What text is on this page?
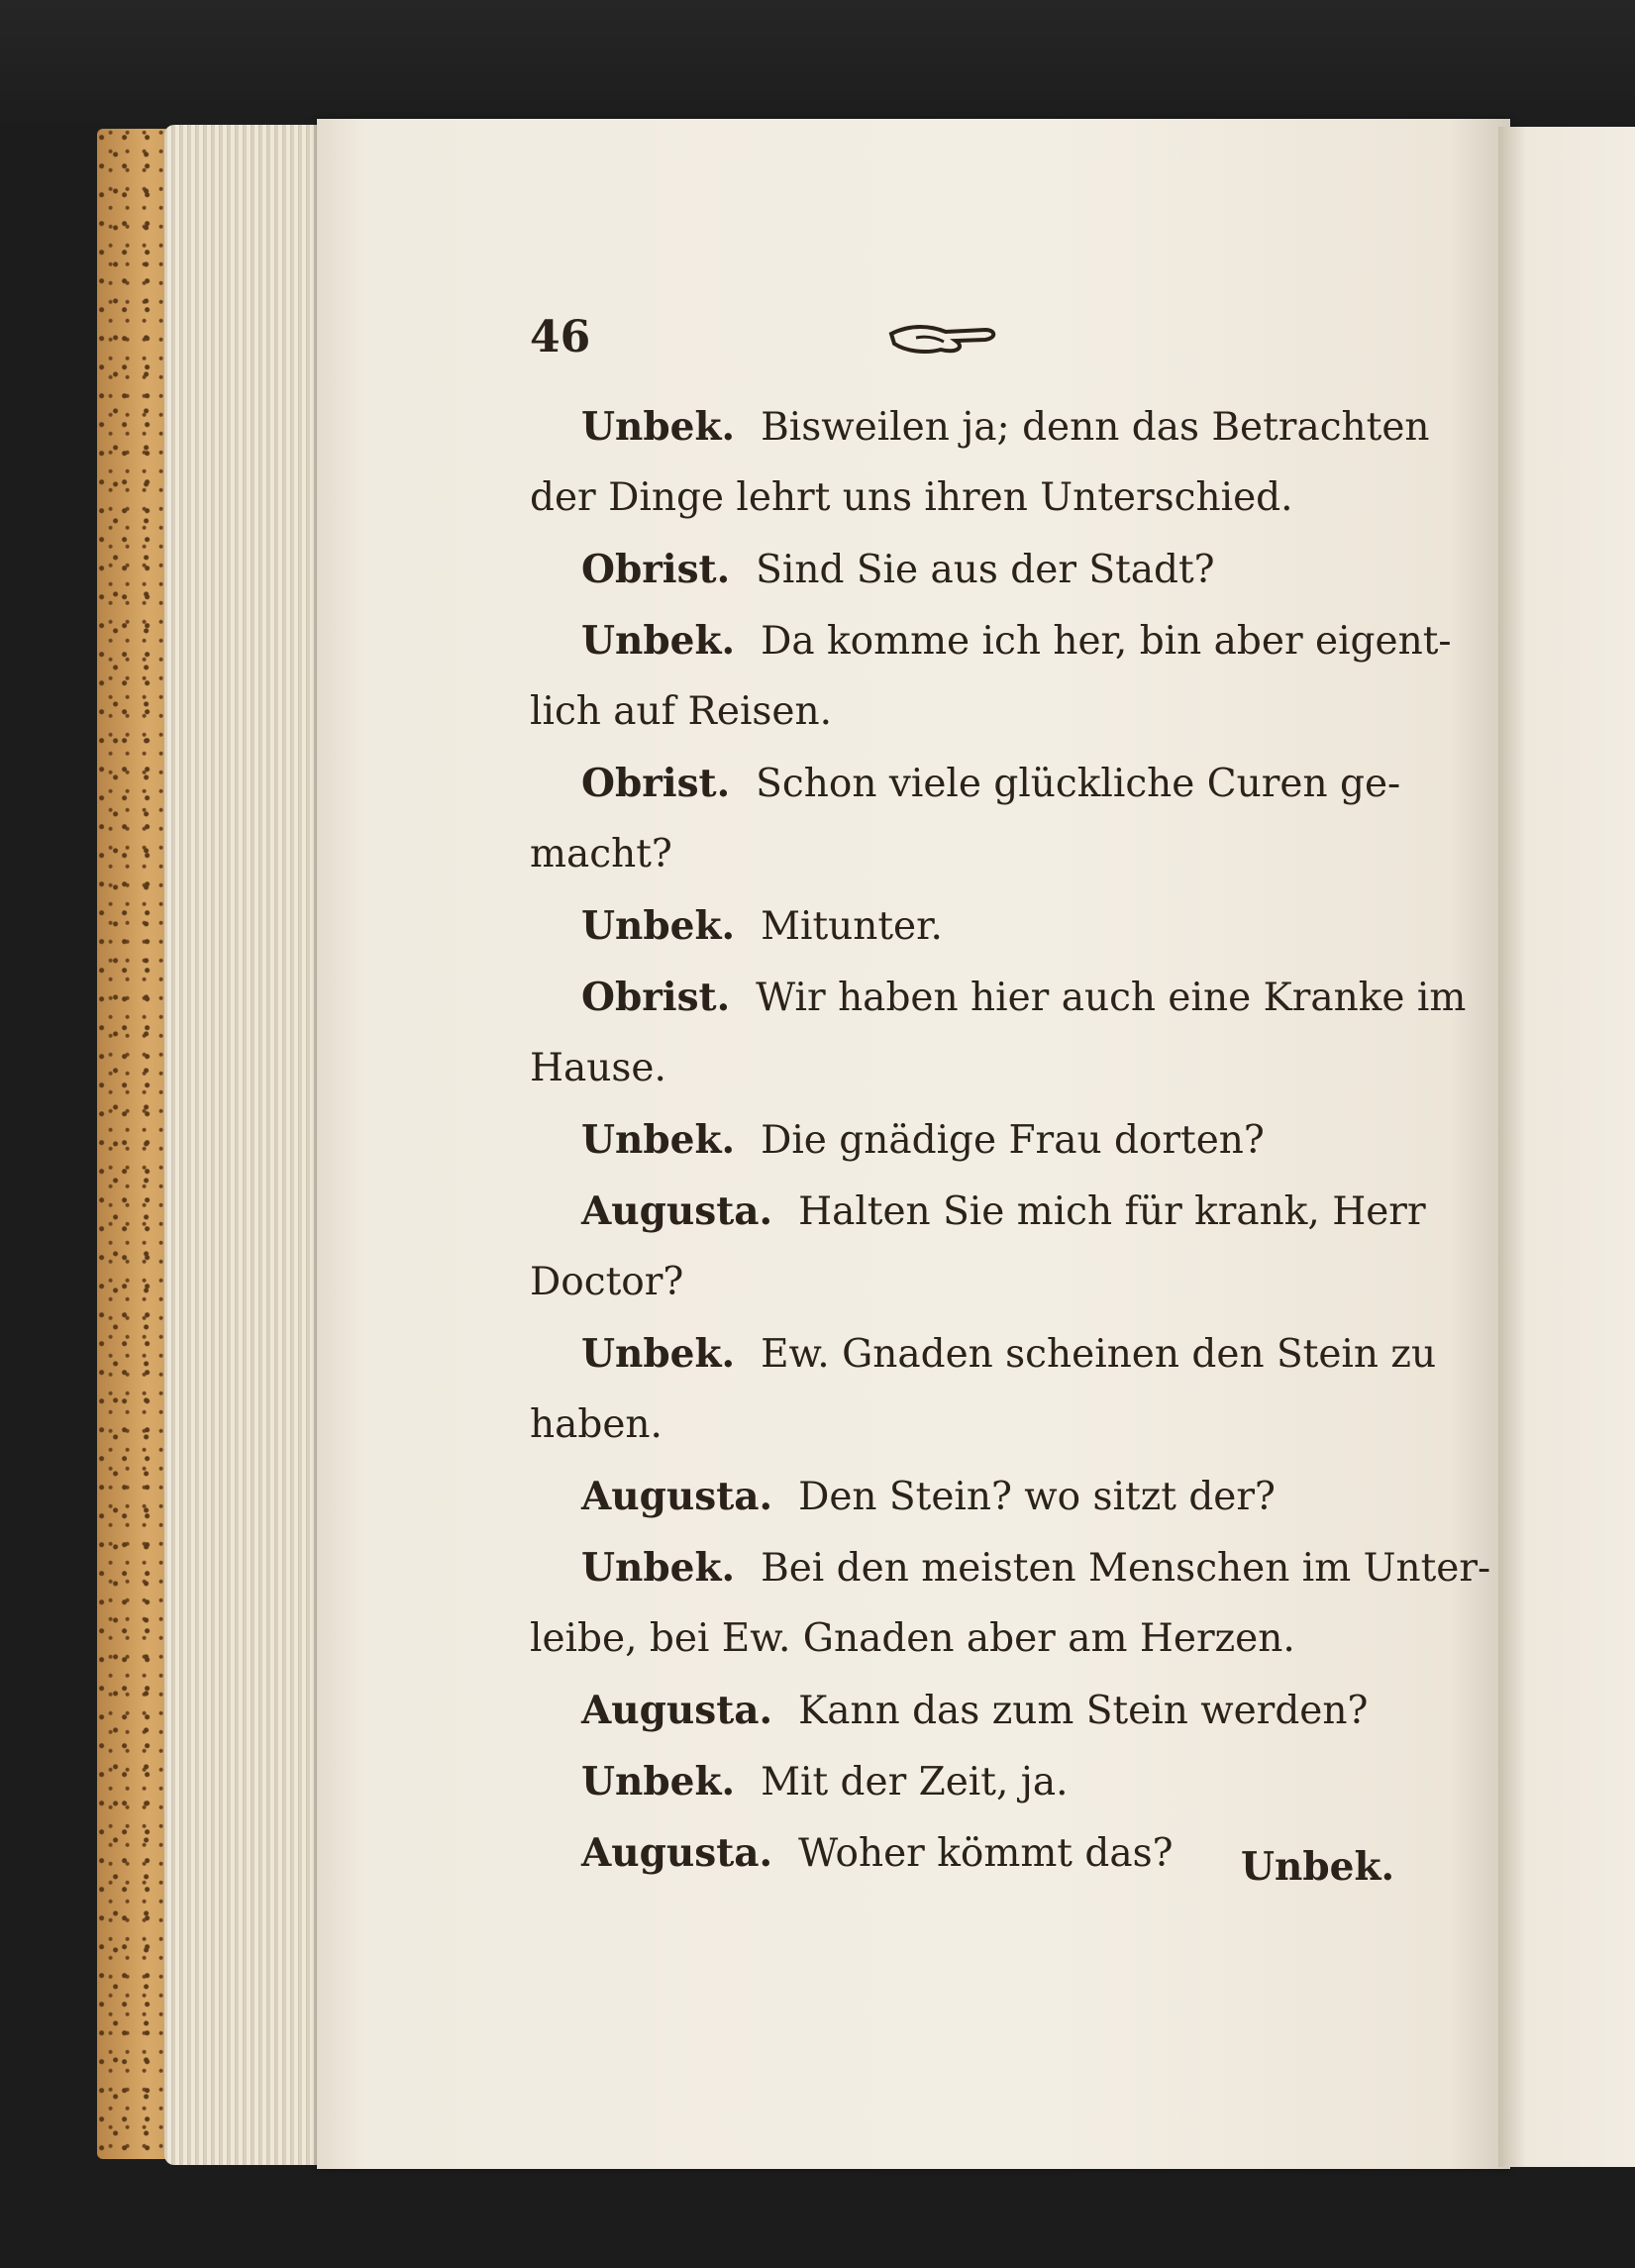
46
Unbek. Bisweilen ja; denn das Betrachten
der Dinge lehrt uns ihren Unterschied.
Obrist. Sind Sie aus der Stadt?
Unbek. Da komme ich her, bin aber eigent-
lich auf Reisen.
Obrist. Schon viele glückliche Curen ge-
macht?
Unbek. Mitunter.
Obrist. Wir haben hier auch eine Kranke im
Hause.
Unbek. Die gnädige Frau dorten?
Augusta. Halten Sie mich für krank, Herr
Doctor?
Unbek. Ew. Gnaden scheinen den Stein zu
haben.
Augusta. Den Stein? wo sitzt der?
Unbek. Bei den meisten Menschen im Unter-
leibe, bei Ew. Gnaden aber am Herzen.
Augusta. Kann das zum Stein werden?
Unbek. Mit der Zeit, ja.
Augusta. Woher kömmt das?	Unbek.
